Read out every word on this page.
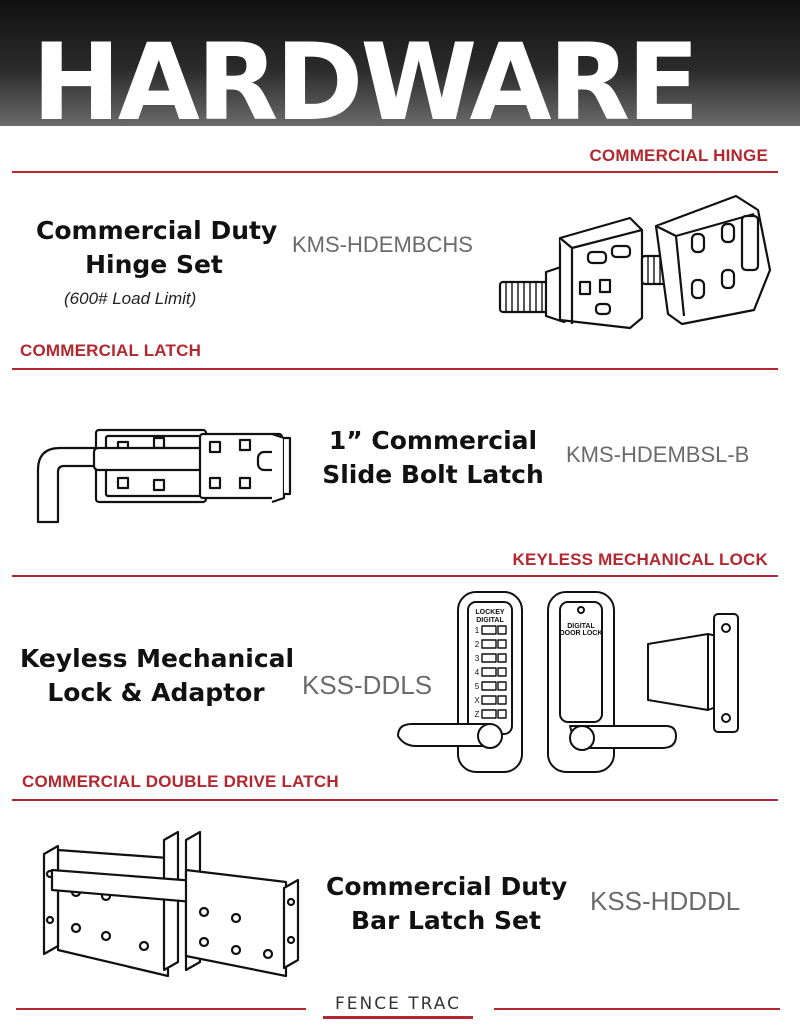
HARDWARE
COMMERCIAL HINGE
Commercial Duty
Hinge Set
(600# Load Limit)
KMS-HDEMBCHS
COMMERCIAL LATCH
1” Commercial
Slide Bolt Latch
KMS-HDEMBSL-B
KEYLESS MECHANICAL LOCK
Keyless Mechanical
Lock & Adaptor	KSS-DDLS
LOCKEY
DIGITAL
DIGITAL
DOOR LOCK
1
2
3
4
5
X
Z
COMMERCIAL DOUBLE DRIVE LATCH
Commercial Duty
Bar Latch Set
KSS-HDDDL
FENCE TRAC
